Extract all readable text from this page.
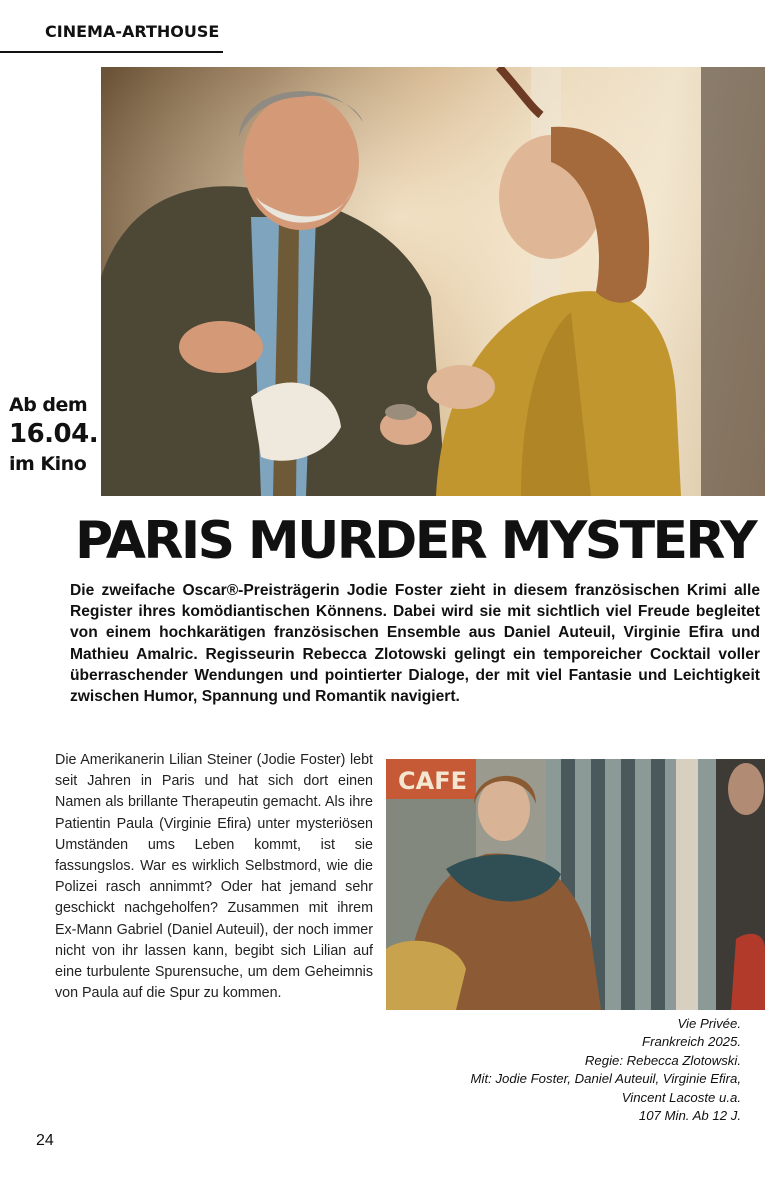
CINEMA-ARTHOUSE
Ab dem
16.04.
im Kino
PARIS MURDER MYSTERY
Die zweifache Oscar®-Preisträgerin Jodie Foster zieht in diesem französischen Krimi alle Register ihres komödiantischen Könnens. Dabei wird sie mit sichtlich viel Freude begleitet von einem hochkarätigen französischen Ensemble aus Daniel Auteuil, Virginie Efira und Mathieu Amalric. Regisseurin Rebecca Zlotowski gelingt ein temporeicher Cocktail voller überraschender Wendungen und pointierter Dialoge, der mit viel Fantasie und Leichtigkeit zwischen Humor, Spannung und Romantik navigiert.
Die Amerikanerin Lilian Steiner (Jodie Foster) lebt seit Jahren in Paris und hat sich dort einen Namen als brillante Therapeutin gemacht. Als ihre Patientin Paula (Virginie Efira) unter mysteriösen Umständen ums Leben kommt, ist sie fassungslos. War es wirklich Selbstmord, wie die Polizei rasch annimmt? Oder hat jemand sehr geschickt nachgeholfen? Zusammen mit ihrem Ex-Mann Gabriel (Daniel Auteuil), der noch immer nicht von ihr lassen kann, begibt sich Lilian auf eine turbulente Spurensuche, um dem Geheimnis von Paula auf die Spur zu kommen.
CAFE
Vie Privée.
Frankreich 2025.
Regie: Rebecca Zlotowski.
Mit: Jodie Foster, Daniel Auteuil, Virginie Efira,
Vincent Lacoste u.a.
107 Min. Ab 12 J.
24
